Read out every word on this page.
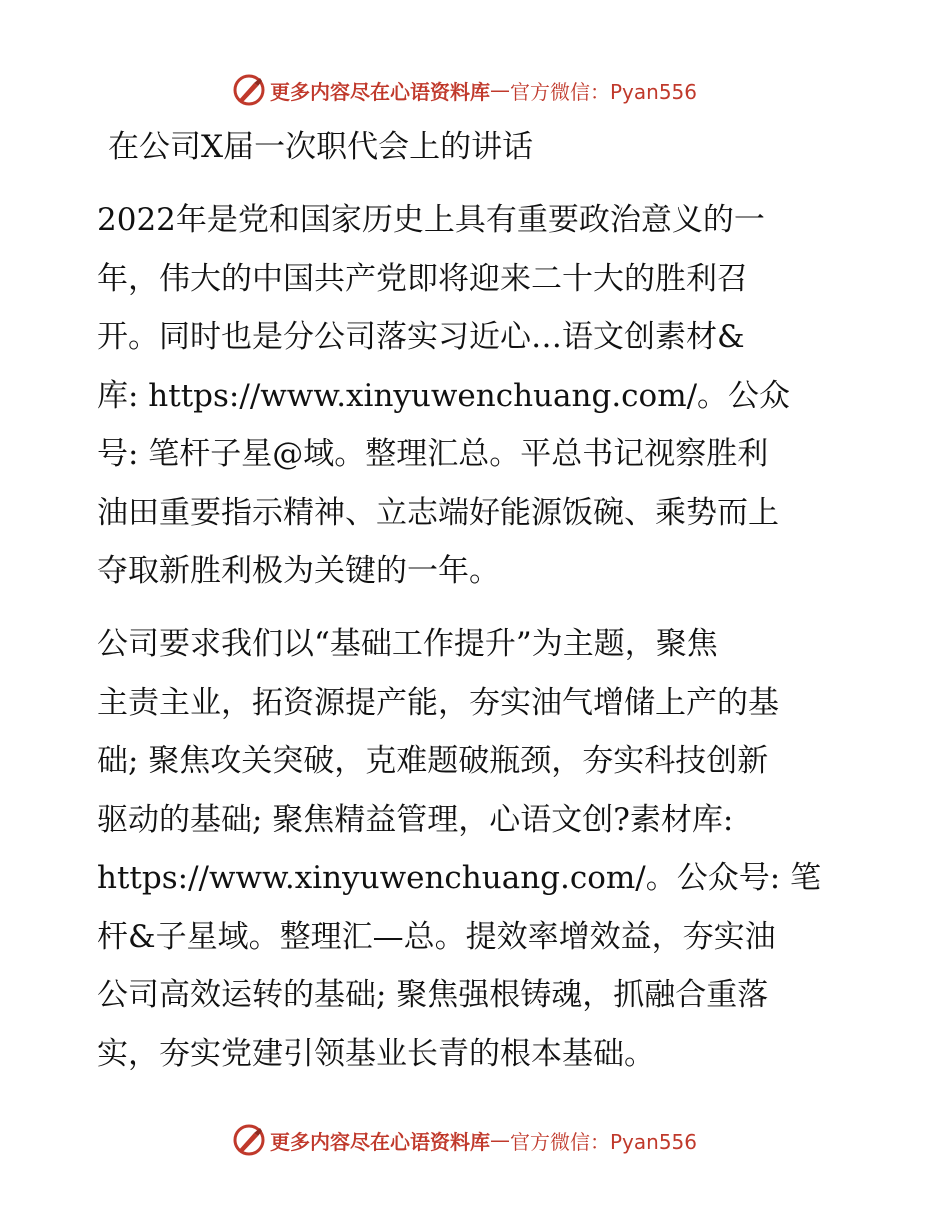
更多内容尽在心语资料库 — 官方微信：Pyan556
在公司X届一次职代会上的讲话
2022年是党和国家历史上具有重要政治意义的一
年，伟大的中国共产党即将迎来二十大的胜利召
开。同时也是分公司落实习近心…语文创素材&
库: https://www.xinyuwenchuang.com/。公众
号: 笔杆子星@域。整理汇总。平总书记视察胜利
油田重要指示精神、立志端好能源饭碗、乘势而上
夺取新胜利极为关键的一年。
公司要求我们以“基础工作提升”为主题，聚焦
主责主业，拓资源提产能，夯实油气增储上产的基
础; 聚焦攻关突破，克难题破瓶颈，夯实科技创新
驱动的基础; 聚焦精益管理，心语文创?素材库:
https://www.xinyuwenchuang.com/。公众号: 笔
杆&子星域。整理汇—总。提效率增效益，夯实油
公司高效运转的基础; 聚焦强根铸魂，抓融合重落
实，夯实党建引领基业长青的根本基础。
更多内容尽在心语资料库 — 官方微信：Pyan556
